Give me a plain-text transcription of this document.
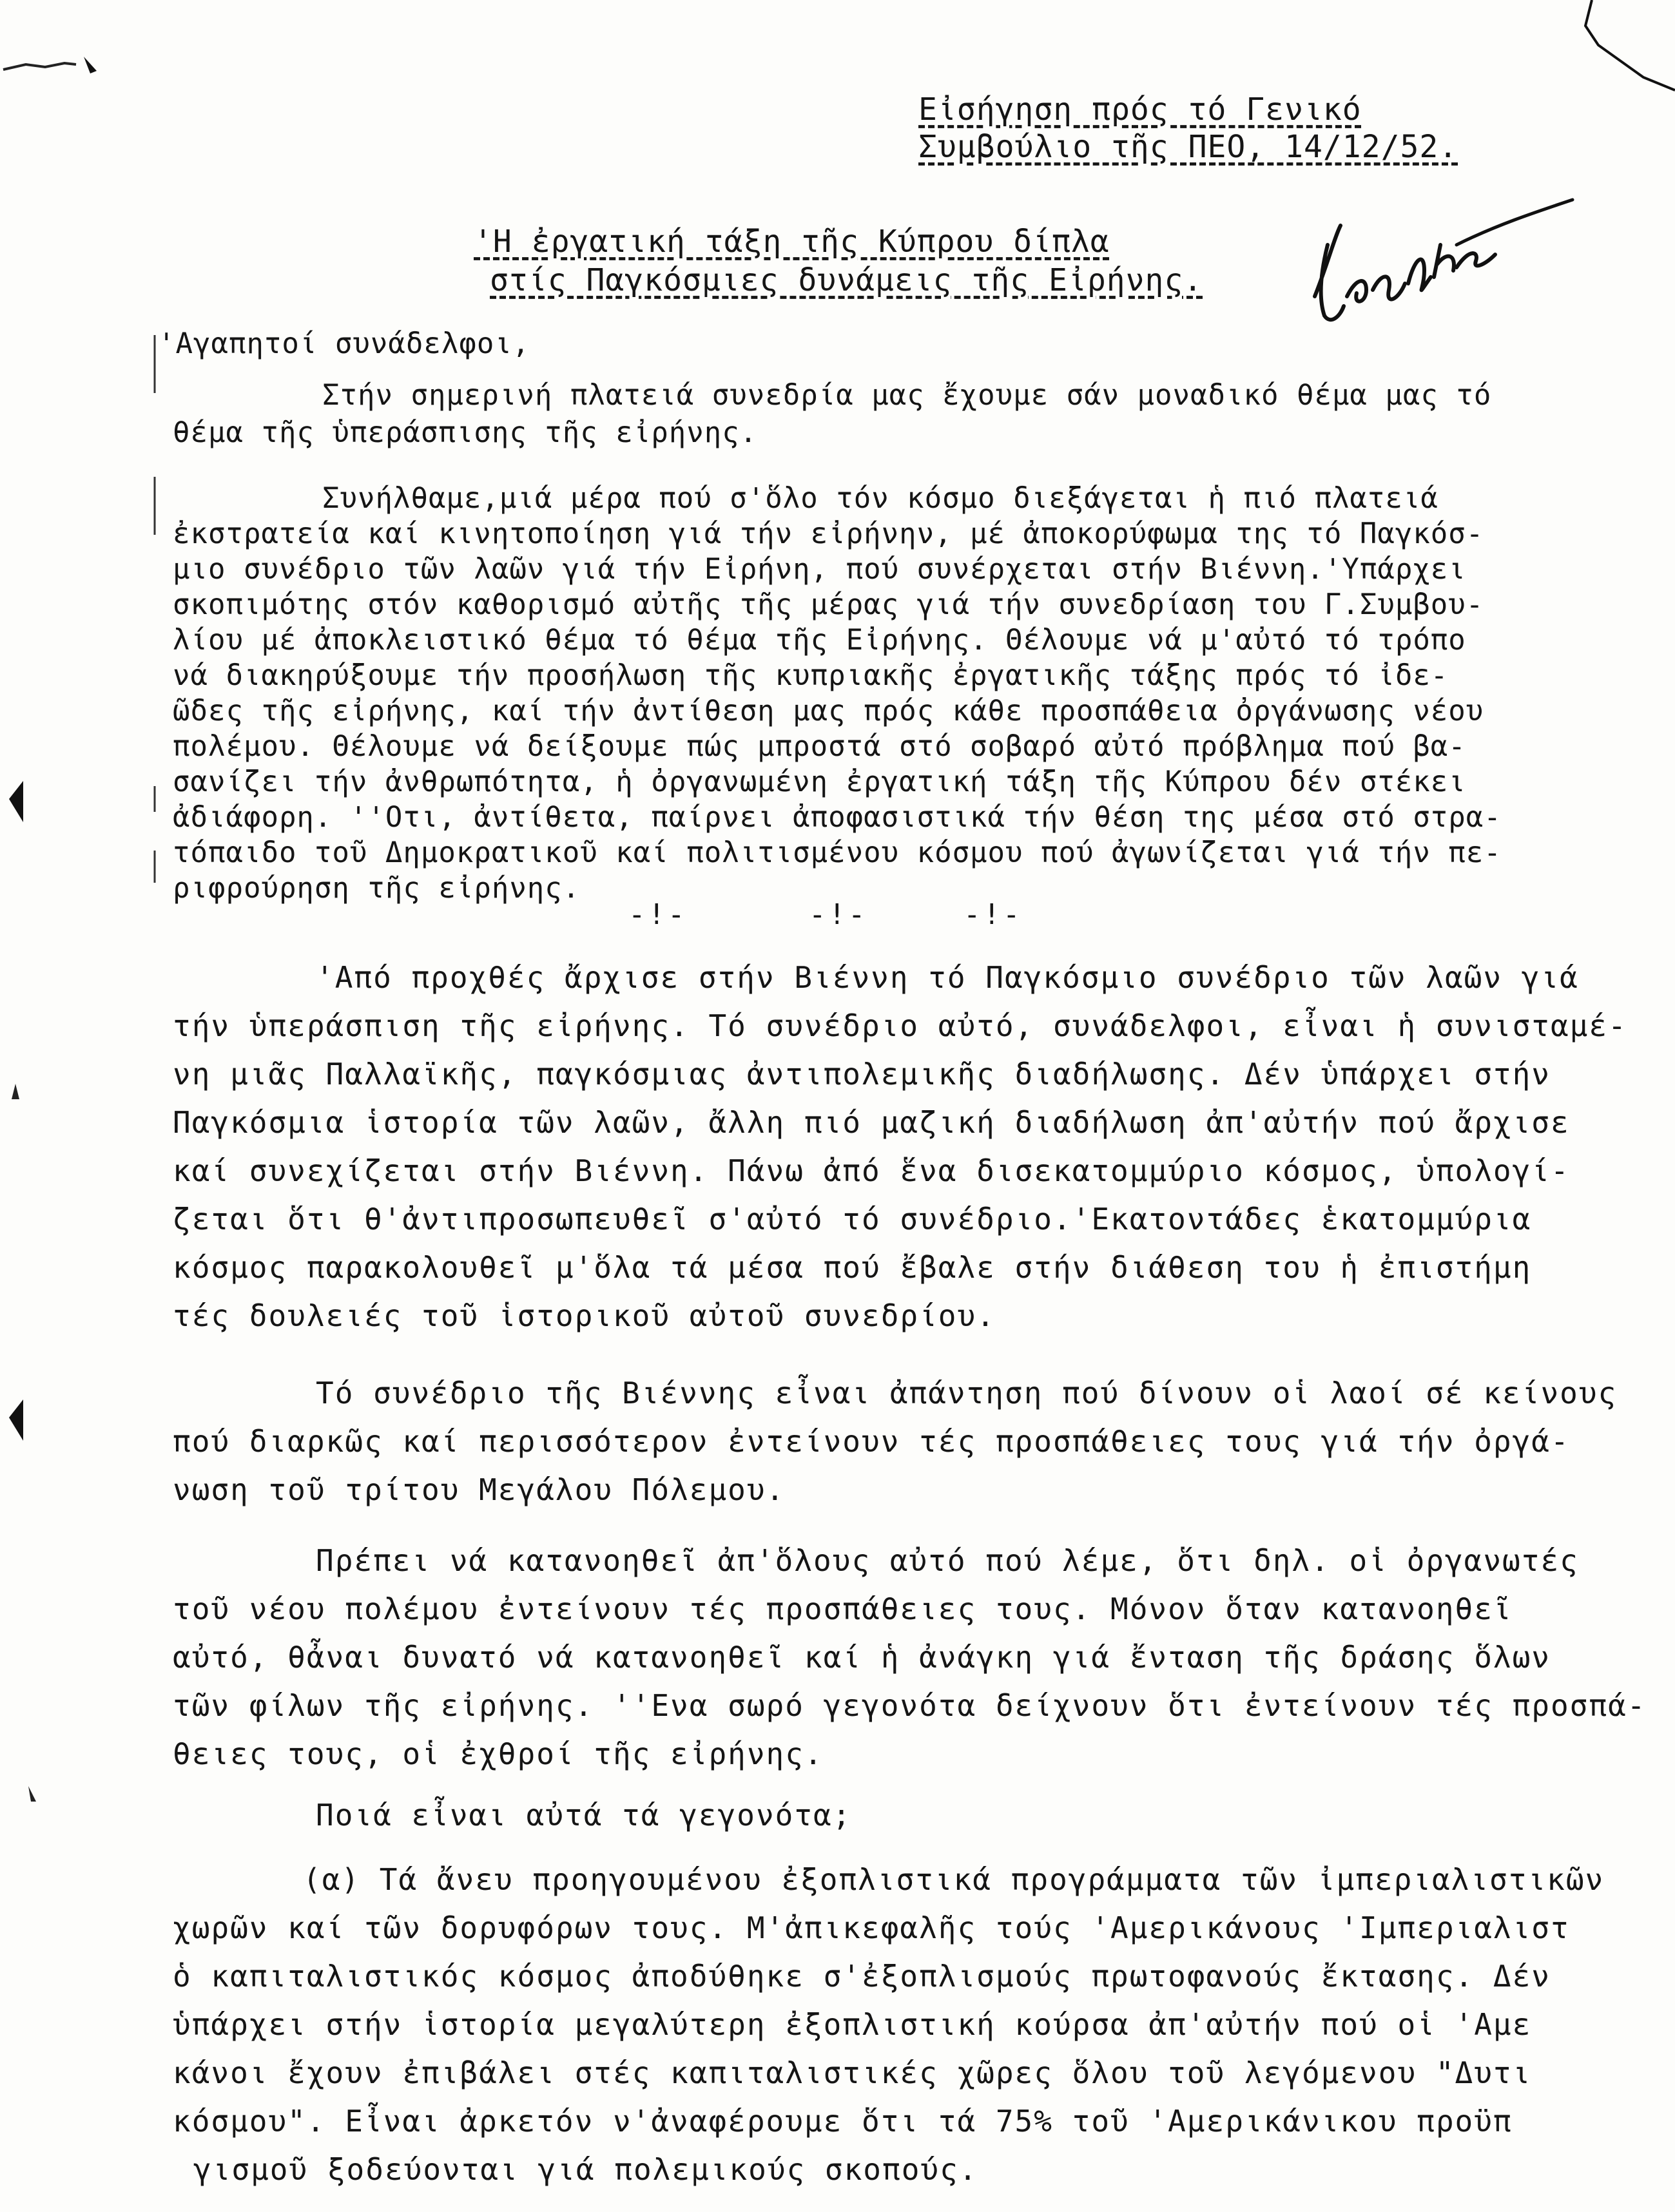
Εἰσήγηση πρός τό Γενικό
Συμβούλιο τῆς ΠΕΟ, 14/12/52.
'Η ἐργατική τάξη τῆς Κύπρου δίπλα
στίς Παγκόσμιες δυνάμεις τῆς Εἰρήνης.
'Αγαπητοί συνάδελφοι,
Στήν σημερινή πλατειά συνεδρία μας ἔχουμε σάν μοναδικό θέμα μας τό
θέμα τῆς ὑπεράσπισης τῆς εἰρήνης.
Συνήλθαμε,μιά μέρα πού σ'ὅλο τόν κόσμο διεξάγεται ἡ πιό πλατειά
ἐκστρατεία καί κινητοποίηση γιά τήν εἰρήνην, μέ ἀποκορύφωμα της τό Παγκόσ-
μιο συνέδριο τῶν λαῶν γιά τήν Εἰρήνη, πού συνέρχεται στήν Βιέννη.'Υπάρχει
σκοπιμότης στόν καθορισμό αὐτῆς τῆς μέρας γιά τήν συνεδρίαση του Γ.Συμβου-
λίου μέ ἀποκλειστικό θέμα τό θέμα τῆς Εἰρήνης. Θέλουμε νά μ'αὐτό τό τρόπο
νά διακηρύξουμε τήν προσήλωση τῆς κυπριακῆς ἐργατικῆς τάξης πρός τό ἰδε-
ῶδες τῆς εἰρήνης, καί τήν ἀντίθεση μας πρός κάθε προσπάθεια ὀργάνωσης νέου
πολέμου. Θέλουμε νά δείξουμε πώς μπροστά στό σοβαρό αὐτό πρόβλημα πού βα-
σανίζει τήν ἀνθρωπότητα, ἡ ὀργανωμένη ἐργατική τάξη τῆς Κύπρου δέν στέκει
ἀδιάφορη. ''Οτι, ἀντίθετα, παίρνει ἀποφασιστικά τήν θέση της μέσα στό στρα-
τόπαιδο τοῦ Δημοκρατικοῦ καί πολιτισμένου κόσμου πού ἀγωνίζεται γιά τήν πε-
ριφρούρηση τῆς εἰρήνης.
-!-	-!-	-!-
'Από προχθές ἄρχισε στήν Βιέννη τό Παγκόσμιο συνέδριο τῶν λαῶν γιά
τήν ὑπεράσπιση τῆς εἰρήνης. Τό συνέδριο αὐτό, συνάδελφοι, εἶναι ἡ συνισταμέ-
νη μιᾶς Παλλαϊκῆς, παγκόσμιας ἀντιπολεμικῆς διαδήλωσης. Δέν ὑπάρχει στήν
Παγκόσμια ἱστορία τῶν λαῶν, ἄλλη πιό μαζική διαδήλωση ἀπ'αὐτήν πού ἄρχισε
καί συνεχίζεται στήν Βιέννη. Πάνω ἀπό ἕνα δισεκατομμύριο κόσμος, ὑπολογί-
ζεται ὅτι θ'ἀντιπροσωπευθεῖ σ'αὐτό τό συνέδριο.'Εκατοντάδες ἑκατομμύρια
κόσμος παρακολουθεῖ μ'ὅλα τά μέσα πού ἔβαλε στήν διάθεση του ἡ ἐπιστήμη
τές δουλειές τοῦ ἱστορικοῦ αὐτοῦ συνεδρίου.
Τό συνέδριο τῆς Βιέννης εἶναι ἀπάντηση πού δίνουν οἱ λαοί σέ κείνους
πού διαρκῶς καί περισσότερον ἐντείνουν τές προσπάθειες τους γιά τήν ὀργά-
νωση τοῦ τρίτου Μεγάλου Πόλεμου.
Πρέπει νά κατανοηθεῖ ἀπ'ὅλους αὐτό πού λέμε, ὅτι δηλ. οἱ ὀργανωτές
τοῦ νέου πολέμου ἐντείνουν τές προσπάθειες τους. Μόνον ὅταν κατανοηθεῖ
αὐτό, θἆναι δυνατό νά κατανοηθεῖ καί ἡ ἀνάγκη γιά ἔνταση τῆς δράσης ὅλων
τῶν φίλων τῆς εἰρήνης. ''Ενα σωρό γεγονότα δείχνουν ὅτι ἐντείνουν τές προσπά-
θειες τους, οἱ ἐχθροί τῆς εἰρήνης.
Ποιά εἶναι αὐτά τά γεγονότα;
(α) Τά ἄνευ προηγουμένου ἐξοπλιστικά προγράμματα τῶν ἰμπεριαλιστικῶν
χωρῶν καί τῶν δορυφόρων τους. Μ'ἀπικεφαλῆς τούς 'Αμερικάνους 'Ιμπεριαλιστ
ὁ καπιταλιστικός κόσμος ἀποδύθηκε σ'ἐξοπλισμούς πρωτοφανούς ἔκτασης. Δέν
ὑπάρχει στήν ἱστορία μεγαλύτερη ἐξοπλιστική κούρσα ἀπ'αὐτήν πού οἱ 'Αμε
κάνοι ἔχουν ἐπιβάλει στές καπιταλιστικές χῶρες ὅλου τοῦ λεγόμενου "Δυτι
κόσμου". Εἶναι ἀρκετόν ν'ἀναφέρουμε ὅτι τά 75% τοῦ 'Αμερικάνικου προϋπ
γισμοῦ ξοδεύονται γιά πολεμικούς σκοπούς.
